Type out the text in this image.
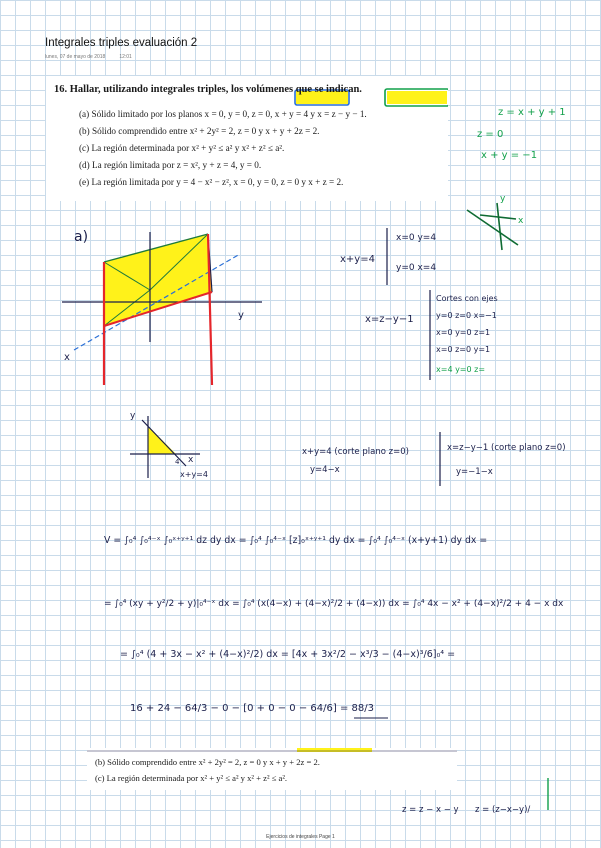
Integrales triples evaluación 2
lunes, 07 de mayo de 2018	12:01
16. Hallar, utilizando integrales triples, los volúmenes que se indican.
(a) Sólido limitado por los planos x = 0, y = 0, z = 0, x + y = 4 y x = z − y − 1.
(b) Sólido comprendido entre x² + 2y² = 2, z = 0 y x + y + 2z = 2.
(c) La región determinada por x² + y² ≤ a² y x² + z² ≤ a².
(d) La región limitada por z = x², y + z = 4, y = 0.
(e) La región limitada por y = 4 − x² − z², x = 0, y = 0, z = 0 y x + z = 2.
(b) Sólido comprendido entre x² + 2y² = 2, z = 0 y x + y + 2z = 2.
(c) La región determinada por x² + y² ≤ a² y x² + z² ≤ a².
z = x + y + 1
z = 0
x + y = −1
y
x
a)
y
x
x+y=4
x=0 y=4
y=0 x=4
x=z−y−1
Cortes con ejes
y=0 z=0 x=−1
x=0 y=0 z=1
x=0 z=0 y=1
x=4 y=0 z=
y
x
4
x+y=4
x+y=4 (corte plano z=0)
y=4−x
x=z−y−1 (corte plano z=0)
y=−1−x
V = ∫₀⁴ ∫₀⁴⁻ˣ ∫₀ˣ⁺ʸ⁺¹ dz dy dx = ∫₀⁴ ∫₀⁴⁻ˣ [z]₀ˣ⁺ʸ⁺¹ dy dx = ∫₀⁴ ∫₀⁴⁻ˣ (x+y+1) dy dx =
= ∫₀⁴ (xy + y²/2 + y)|₀⁴⁻ˣ dx = ∫₀⁴ (x(4−x) + (4−x)²/2 + (4−x)) dx = ∫₀⁴ 4x − x² + (4−x)²/2 + 4 − x dx
= ∫₀⁴ (4 + 3x − x² + (4−x)²/2) dx = [4x + 3x²/2 − x³/3 − (4−x)³/6]₀⁴ =
16 + 24 − 64/3 − 0 − [0 + 0 − 0 − 64/6] = 88/3
z = z − x − y z = (z−x−y)/
Ejercicios de integrales Page 1
